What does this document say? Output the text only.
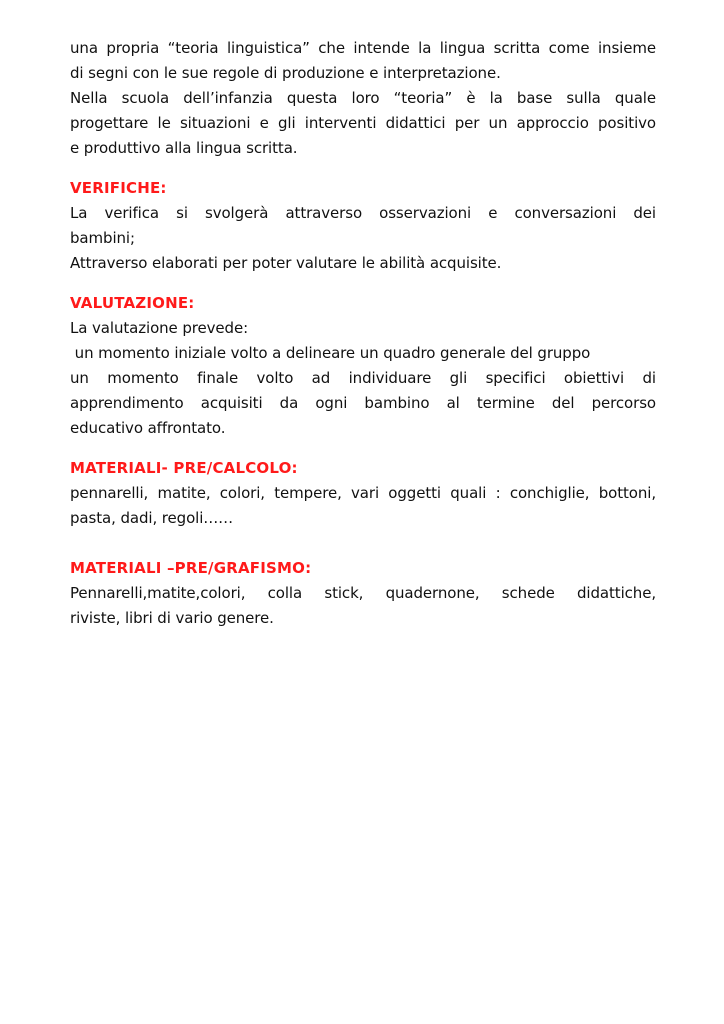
una propria “teoria linguistica” che intende la lingua scritta come insieme
di segni con le sue regole di produzione e interpretazione.
Nella scuola dell’infanzia questa loro “teoria” è la base sulla quale
progettare le situazioni e gli interventi didattici per un approccio positivo
e produttivo alla lingua scritta.
VERIFICHE:
La verifica si svolgerà attraverso osservazioni e conversazioni dei
bambini;
Attraverso elaborati per poter valutare le abilità acquisite.
VALUTAZIONE:
La valutazione prevede:
un momento iniziale volto a delineare un quadro generale del gruppo
un momento finale volto ad individuare gli specifici obiettivi di
apprendimento acquisiti da ogni bambino al termine del percorso
educativo affrontato.
MATERIALI- PRE/CALCOLO:
pennarelli, matite, colori, tempere, vari oggetti quali : conchiglie, bottoni,
pasta, dadi, regoli……
MATERIALI –PRE/GRAFISMO:
Pennarelli,matite,colori, colla stick, quadernone, schede didattiche,
riviste, libri di vario genere.
